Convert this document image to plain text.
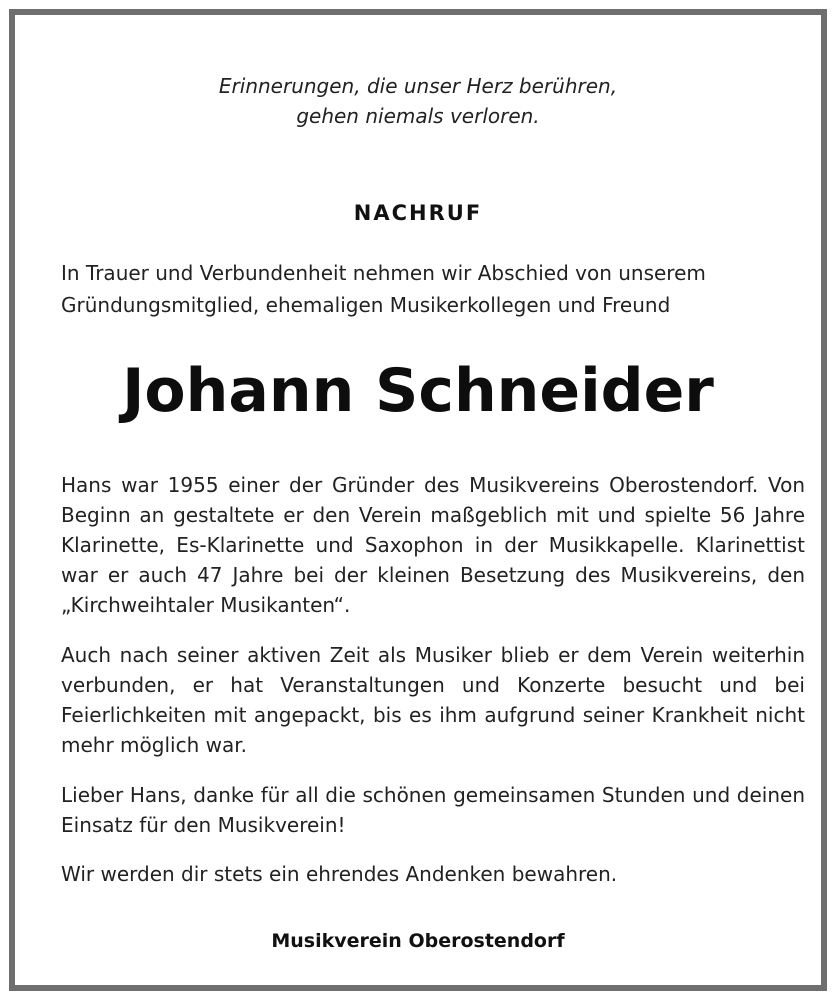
Erinnerungen, die unser Herz berühren,
gehen niemals verloren.
NACHRUF
In Trauer und Verbundenheit nehmen wir Abschied von unserem
Gründungsmitglied, ehemaligen Musikerkollegen und Freund
Johann Schneider
Hans war 1955 einer der Gründer des Musikvereins Oberostendorf. Von Beginn an gestaltete er den Verein maßgeblich mit und spielte 56 Jahre Klarinette, Es-Klarinette und Saxophon in der Musikkapelle. Klarinettist war er auch 47 Jahre bei der kleinen Besetzung des Musikvereins, den „Kirchweihtaler Musikanten“.
Auch nach seiner aktiven Zeit als Musiker blieb er dem Verein weiterhin verbunden, er hat Veranstaltungen und Konzerte besucht und bei Feierlichkeiten mit angepackt, bis es ihm aufgrund seiner Krankheit nicht mehr möglich war.
Lieber Hans, danke für all die schönen gemeinsamen Stunden und deinen Einsatz für den Musikverein!
Wir werden dir stets ein ehrendes Andenken bewahren.
Musikverein Oberostendorf
